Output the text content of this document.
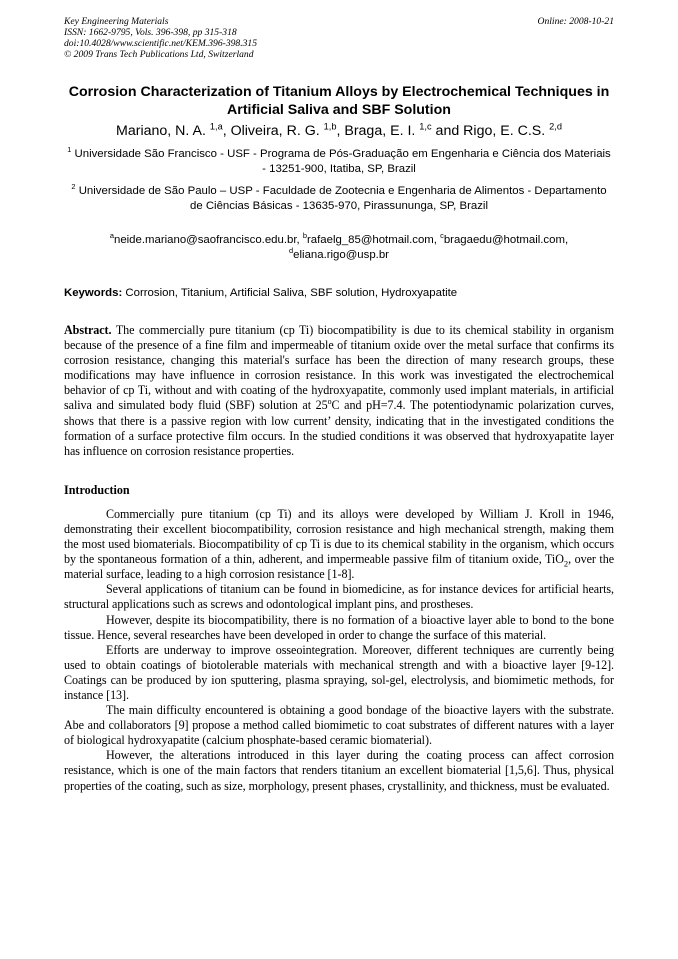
Key Engineering Materials
ISSN: 1662-9795, Vols. 396-398, pp 315-318
doi:10.4028/www.scientific.net/KEM.396-398.315
© 2009 Trans Tech Publications Ltd, Switzerland
Online: 2008-10-21
Corrosion Characterization of Titanium Alloys by Electrochemical Techniques in Artificial Saliva and SBF Solution
Mariano, N. A. $^{1,a}$, Oliveira, R. G. $^{1,b}$, Braga, E. I. $^{1,c}$ and Rigo, E. C.S. $^{2,d}$
$^1$ Universidade São Francisco - USF - Programa de Pós-Graduação em Engenharia e Ciência dos Materiais - 13251-900, Itatiba, SP, Brazil
$^2$ Universidade de São Paulo – USP - Faculdade de Zootecnia e Engenharia de Alimentos - Departamento de Ciências Básicas - 13635-970, Pirassununga, SP, Brazil
$^a$neide.mariano@saofrancisco.edu.br, $^b$rafaelg_85@hotmail.com, $^c$bragaedu@hotmail.com,
$^d$eliana.rigo@usp.br
Keywords: Corrosion, Titanium, Artificial Saliva, SBF solution, Hydroxyapatite
Abstract. The commercially pure titanium (cp Ti) biocompatibility is due to its chemical stability in organism because of the presence of a fine film and impermeable of titanium oxide over the metal surface that confirms its corrosion resistance, changing this material's surface has been the direction of many research groups, these modifications may have influence in corrosion resistance. In this work was investigated the electrochemical behavior of cp Ti, without and with coating of the hydroxyapatite, commonly used implant materials, in artificial saliva and simulated body fluid (SBF) solution at 25$^o$C and pH=7.4. The potentiodynamic polarization curves, shows that there is a passive region with low current’ density, indicating that in the investigated conditions the formation of a surface protective film occurs. In the studied conditions it was observed that hydroxyapatite layer has influence on corrosion resistance properties.
Introduction

Commercially pure titanium (cp Ti) and its alloys were developed by William J. Kroll in 1946, demonstrating their excellent biocompatibility, corrosion resistance and high mechanical strength, making them the most used biomaterials. Biocompatibility of cp Ti is due to its chemical stability in the organism, which occurs by the spontaneous formation of a thin, adherent, and impermeable passive film of titanium oxide, TiO$_2$, over the material surface, leading to a high corrosion resistance [1-8].

Several applications of titanium can be found in biomedicine, as for instance devices for artificial hearts, structural applications such as screws and odontological implant pins, and prostheses.

However, despite its biocompatibility, there is no formation of a bioactive layer able to bond to the bone tissue. Hence, several researches have been developed in order to change the surface of this material.

Efforts are underway to improve osseointegration. Moreover, different techniques are currently being used to obtain coatings of biotolerable materials with mechanical strength and with a bioactive layer [9-12]. Coatings can be produced by ion sputtering, plasma spraying, sol-gel, electrolysis, and biomimetic methods, for instance [13].

The main difficulty encountered is obtaining a good bondage of the bioactive layers with the substrate. Abe and collaborators [9] propose a method called biomimetic to coat substrates of different natures with a layer of biological hydroxyapatite (calcium phosphate-based ceramic biomaterial).

However, the alterations introduced in this layer during the coating process can affect corrosion resistance, which is one of the main factors that renders titanium an excellent biomaterial [1,5,6]. Thus, physical properties of the coating, such as size, morphology, present phases, crystallinity, and thickness, must be evaluated.
